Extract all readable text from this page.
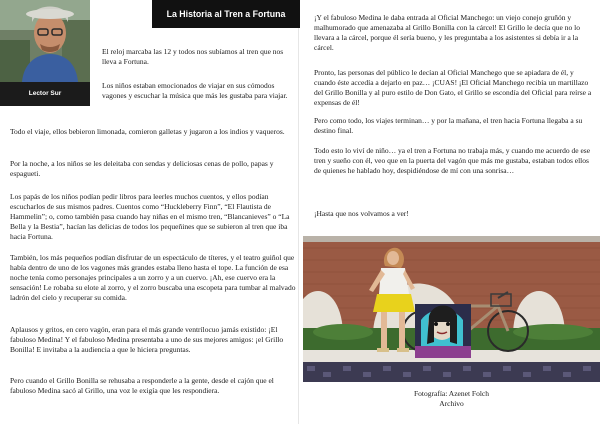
Lector Sur
La Historia al Tren a Fortuna

El reloj marcaba las 12 y todos nos subíamos al tren que nos lleva a Fortuna.

Los niños estaban emocionados de viajar en sus cómodos vagones y escuchar la música que más les gustaba para viajar.

Todo el viaje, ellos bebieron limonada, comieron galletas y jugaron a los indios y vaqueros.

Por la noche, a los niños se les deleitaba con sendas y deliciosas cenas de pollo, papas y espagueti.

Los papás de los niños podían pedir libros para leerles muchos cuentos, y ellos podían escucharlos de sus mismos padres. Cuentos como “Huckleberry Finn”, “El Flautista de Hammelin”; o, como también pasa cuando hay niñas en el mismo tren, “Blancanieves” o “La Bella y la Bestia”, hacían las delicias de todos los pequeñines que se subieron al tren que iba hacia Fortuna.

También, los más pequeños podían disfrutar de un espectáculo de títeres, y el teatro guiñol que había dentro de uno de los vagones más grandes estaba lleno hasta el tope. La función de esa noche tenía como personajes principales a un zorro y a un cuervo. ¡Ah, ese cuervo era la sensación! Le robaba su elote al zorro, y el zorro buscaba una escopeta para tumbar al malvado ladrón del cielo y recuperar su comida.

Aplausos y gritos, en cero vagón, eran para el más grande ventrílocuo jamás existido: ¡El fabuloso Medina! Y el fabuloso Medina presentaba a uno de sus mejores amigos: ¡el Grillo Bonilla! E invitaba a la audiencia a que le hiciera preguntas.

Pero cuando el Grillo Bonilla se rehusaba a responderle a la gente, desde el cajón que el fabuloso Medina sacó al Grillo, una voz le exigía que les respondiera.

¡Y el fabuloso Medina le daba entrada al Oficial Manchego: un viejo conejo gruñón y malhumorado que amenazaba al Grillo Bonilla con la cárcel! El Grillo le decía que no lo llevara a la cárcel, porque él sería bueno, y les preguntaba a los asistentes si debía ir a la cárcel.

Pronto, las personas del público le decían al Oficial Manchego que se apiadara de él, y cuando éste accedía a dejarlo en paz… ¡CUAS! ¡El Oficial Manchego recibía un martillazo del Grillo Bonilla y al puro estilo de Don Gato, el Grillo se escondía del Oficial para reírse a expensas de él!

Pero como todo, los viajes terminan… y por la mañana, el tren hacia Fortuna llegaba a su destino final.

Todo esto lo viví de niño… ya el tren a Fortuna no trabaja más, y cuando me acuerdo de ese tren y sueño con él, veo que en la puerta del vagón que más me gustaba, estaban todos ellos de quienes he hablado hoy, despidiéndose de mí con una sonrisa…

¡Hasta que nos volvamos a ver!

Fotografía: Azenet Folch
Archivo
